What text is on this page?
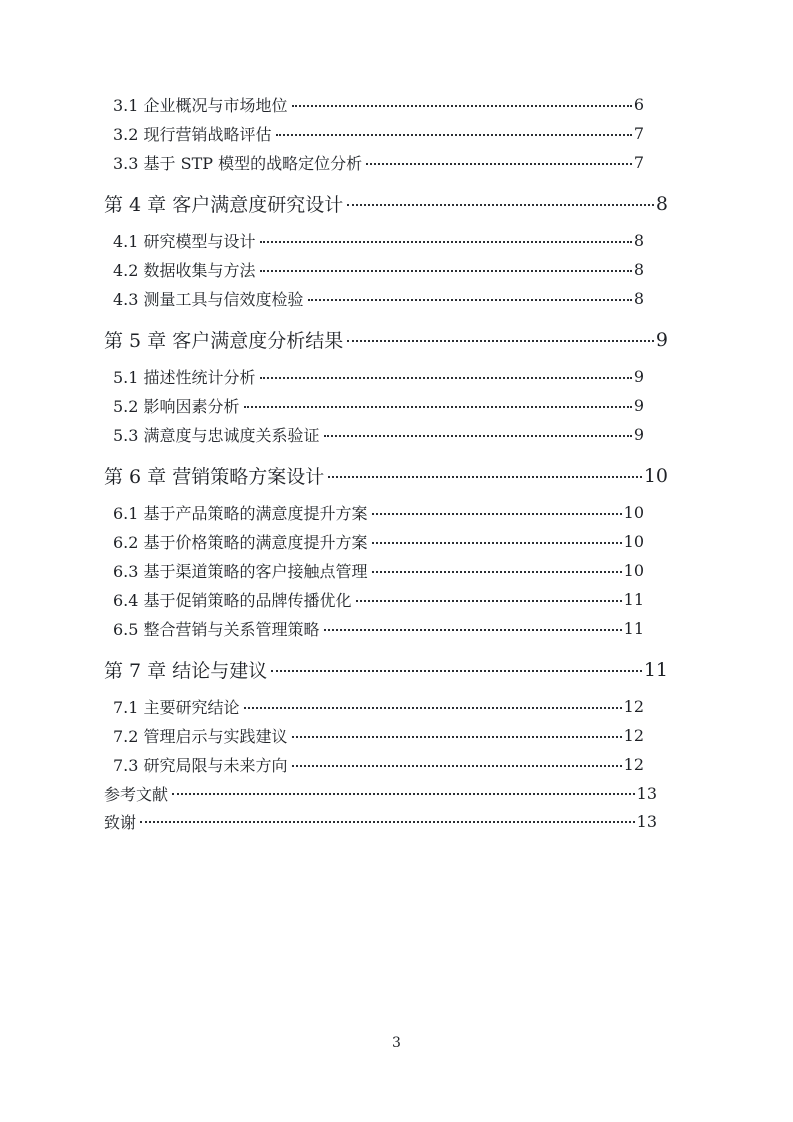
3.1 企业概况与市场地位	6
3.2 现行营销战略评估	7
3.3 基于 STP 模型的战略定位分析	7
第 4 章 客户满意度研究设计	8
4.1 研究模型与设计	8
4.2 数据收集与方法	8
4.3 测量工具与信效度检验	8
第 5 章 客户满意度分析结果	9
5.1 描述性统计分析	9
5.2 影响因素分析	9
5.3 满意度与忠诚度关系验证	9
第 6 章 营销策略方案设计	10
6.1 基于产品策略的满意度提升方案	10
6.2 基于价格策略的满意度提升方案	10
6.3 基于渠道策略的客户接触点管理	10
6.4 基于促销策略的品牌传播优化	11
6.5 整合营销与关系管理策略	11
第 7 章 结论与建议	11
7.1 主要研究结论	12
7.2 管理启示与实践建议	12
7.3 研究局限与未来方向	12
参考文献	13
致谢	13
3
